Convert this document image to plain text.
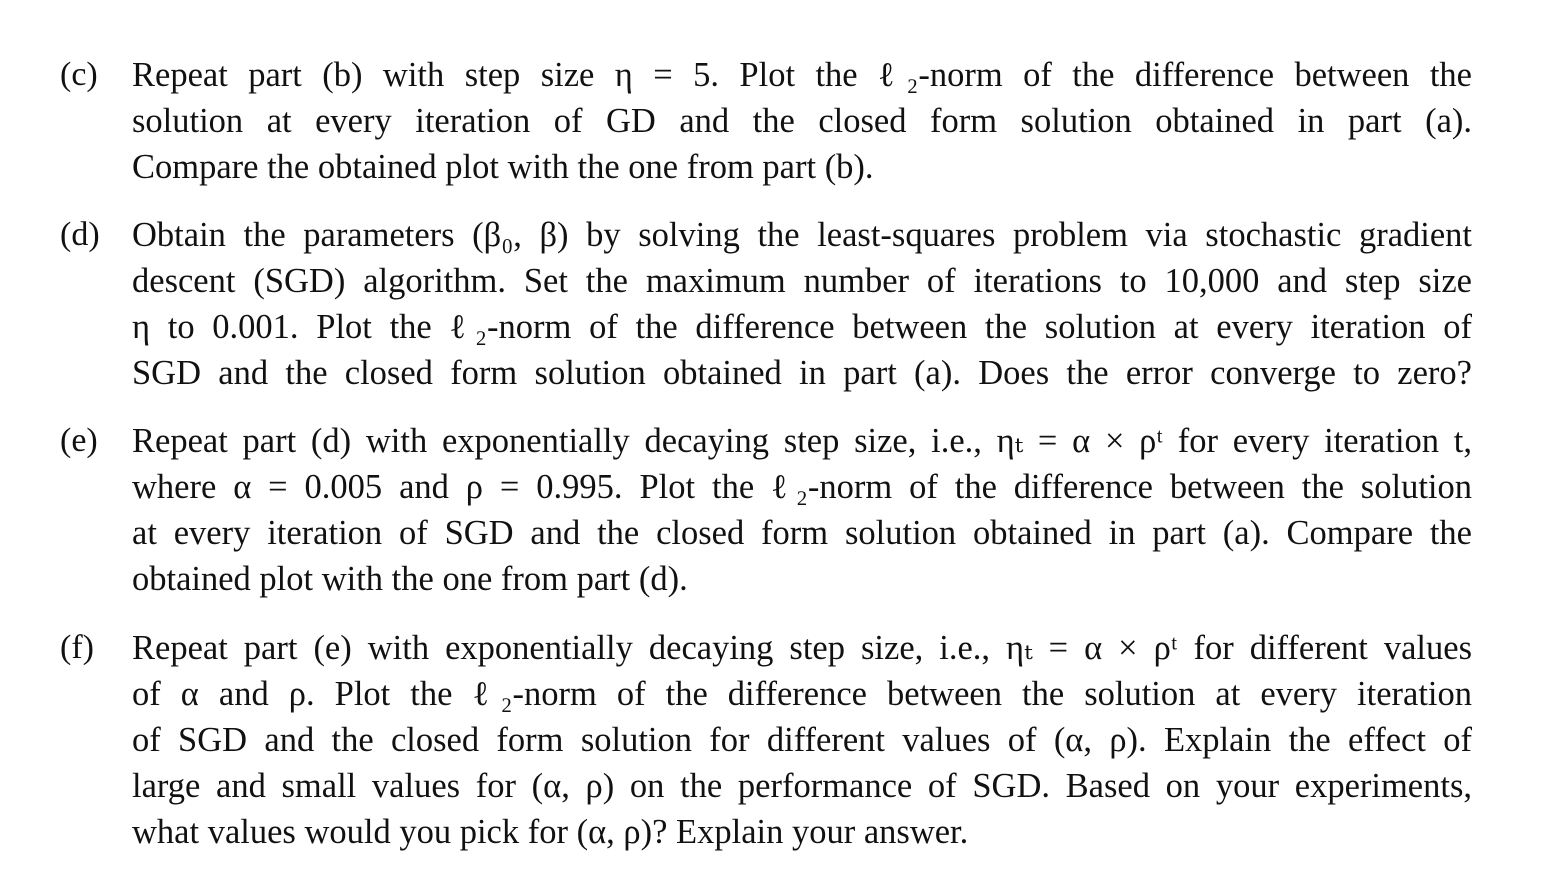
(c) Repeat part (b) with step size η = 5. Plot the ℓ₂-norm of the difference between the
solution at every iteration of GD and the closed form solution obtained in part (a).
Compare the obtained plot with the one from part (b).
(d) Obtain the parameters (β₀, β) by solving the least-squares problem via stochastic gradient
descent (SGD) algorithm. Set the maximum number of iterations to 10,000 and step size
η to 0.001. Plot the ℓ₂-norm of the difference between the solution at every iteration of
SGD and the closed form solution obtained in part (a). Does the error converge to zero?
(e) Repeat part (d) with exponentially decaying step size, i.e., ηₜ = α × ρᵗ for every iteration t,
where α = 0.005 and ρ = 0.995. Plot the ℓ₂-norm of the difference between the solution
at every iteration of SGD and the closed form solution obtained in part (a). Compare the
obtained plot with the one from part (d).
(f)	Repeat part (e) with exponentially decaying step size, i.e., ηₜ = α × ρᵗ for different values
of α and ρ. Plot the ℓ₂-norm of the difference between the solution at every iteration
of SGD and the closed form solution for different values of (α, ρ). Explain the effect of
large and small values for (α, ρ) on the performance of SGD. Based on your experiments,
what values would you pick for (α, ρ)? Explain your answer.
